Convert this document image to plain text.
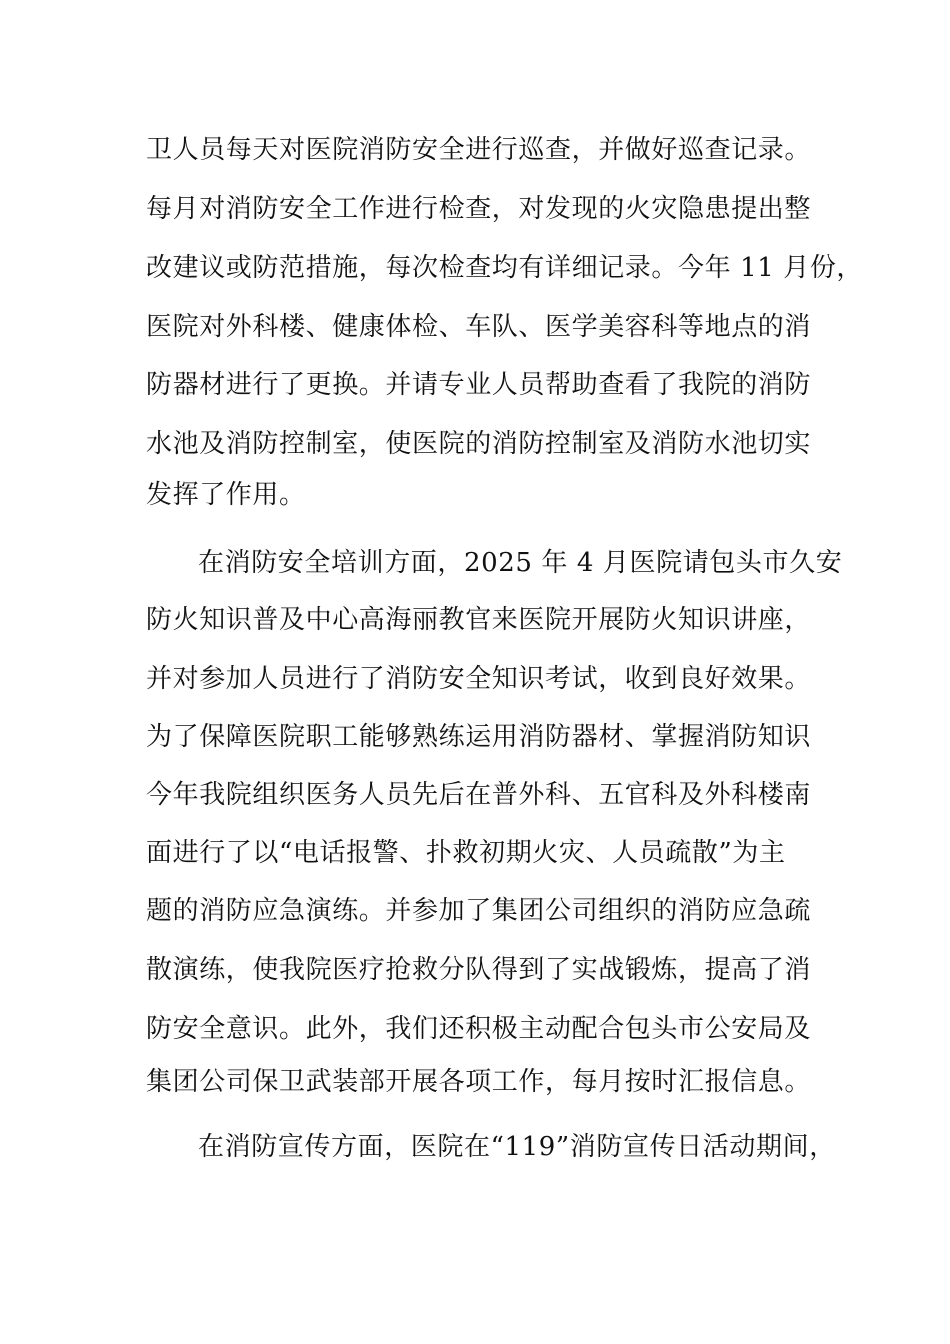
卫人员每天对医院消防安全进行巡查，并做好巡查记录。
每月对消防安全工作进行检查，对发现的火灾隐患提出整
改建议或防范措施，每次检查均有详细记录。今年 11 月份，
医院对外科楼、健康体检、车队、医学美容科等地点的消
防器材进行了更换。并请专业人员帮助查看了我院的消防
水池及消防控制室，使医院的消防控制室及消防水池切实
发挥了作用。
在消防安全培训方面，2025 年 4 月医院请包头市久安
防火知识普及中心高海丽教官来医院开展防火知识讲座，
并对参加人员进行了消防安全知识考试，收到良好效果。
为了保障医院职工能够熟练运用消防器材、掌握消防知识
今年我院组织医务人员先后在普外科、五官科及外科楼南
面进行了以“电话报警、扑救初期火灾、人员疏散”为主
题的消防应急演练。并参加了集团公司组织的消防应急疏
散演练，使我院医疗抢救分队得到了实战锻炼，提高了消
防安全意识。此外，我们还积极主动配合包头市公安局及
集团公司保卫武装部开展各项工作，每月按时汇报信息。
在消防宣传方面，医院在“119”消防宣传日活动期间，
